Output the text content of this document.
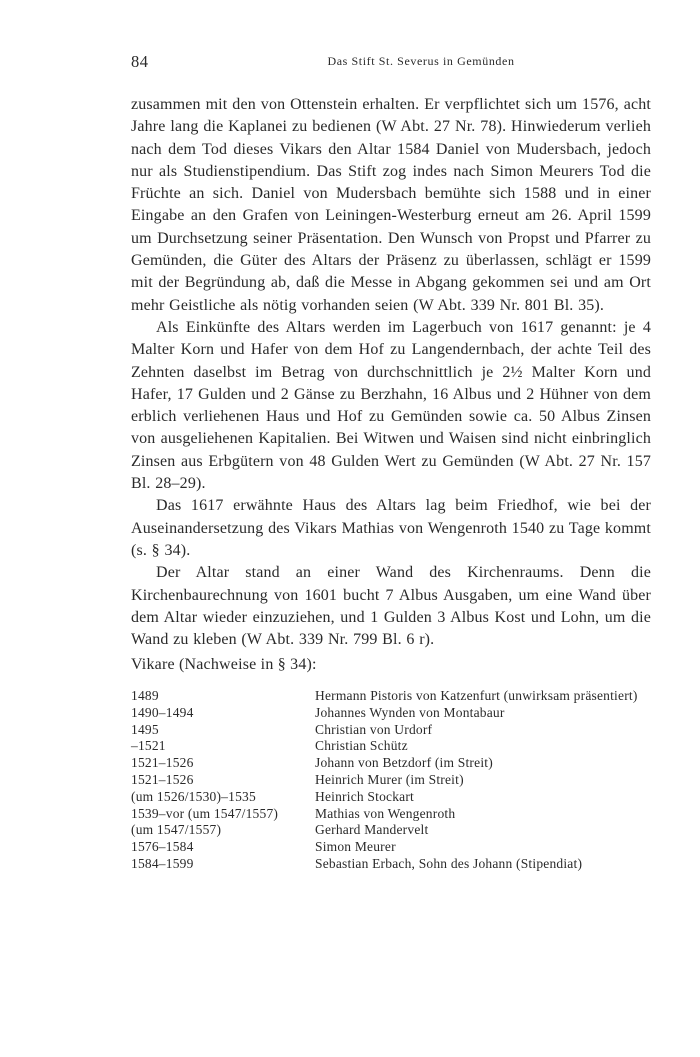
84	Das Stift St. Severus in Gemünden

zusammen mit den von Ottenstein erhalten. Er verpflichtet sich um 1576, acht Jahre lang die Kaplanei zu bedienen (W Abt. 27 Nr. 78). Hinwiederum verlieh nach dem Tod dieses Vikars den Altar 1584 Daniel von Mudersbach, jedoch nur als Studienstipendium. Das Stift zog indes nach Simon Meurers Tod die Früchte an sich. Daniel von Mudersbach bemühte sich 1588 und in einer Eingabe an den Grafen von Leiningen-Westerburg erneut am 26. April 1599 um Durchsetzung seiner Präsentation. Den Wunsch von Propst und Pfarrer zu Gemünden, die Güter des Altars der Präsenz zu überlassen, schlägt er 1599 mit der Begründung ab, daß die Messe in Abgang gekommen sei und am Ort mehr Geistliche als nötig vorhanden seien (W Abt. 339 Nr. 801 Bl. 35).

Als Einkünfte des Altars werden im Lagerbuch von 1617 genannt: je 4 Malter Korn und Hafer von dem Hof zu Langendernbach, der achte Teil des Zehnten daselbst im Betrag von durchschnittlich je 2½ Malter Korn und Hafer, 17 Gulden und 2 Gänse zu Berzhahn, 16 Albus und 2 Hühner von dem erblich verliehenen Haus und Hof zu Gemünden sowie ca. 50 Albus Zinsen von ausgeliehenen Kapitalien. Bei Witwen und Waisen sind nicht einbringlich Zinsen aus Erbgütern von 48 Gulden Wert zu Gemünden (W Abt. 27 Nr. 157 Bl. 28–29).

Das 1617 erwähnte Haus des Altars lag beim Friedhof, wie bei der Auseinandersetzung des Vikars Mathias von Wengenroth 1540 zu Tage kommt (s. § 34).

Der Altar stand an einer Wand des Kirchenraums. Denn die Kirchenbaurechnung von 1601 bucht 7 Albus Ausgaben, um eine Wand über dem Altar wieder einzuziehen, und 1 Gulden 3 Albus Kost und Lohn, um die Wand zu kleben (W Abt. 339 Nr. 799 Bl. 6 r).

Vikare (Nachweise in § 34):
1489	Hermann Pistoris von Katzenfurt (unwirksam präsentiert)
1490–1494	Johannes Wynden von Montabaur
1495	Christian von Urdorf
–1521	Christian Schütz
1521–1526	Johann von Betzdorf (im Streit)
1521–1526	Heinrich Murer (im Streit)
(um 1526/1530)–1535	Heinrich Stockart
1539–vor (um 1547/1557)	Mathias von Wengenroth
(um 1547/1557)	Gerhard Mandervelt
1576–1584	Simon Meurer
1584–1599	Sebastian Erbach, Sohn des Johann (Stipendiat)
